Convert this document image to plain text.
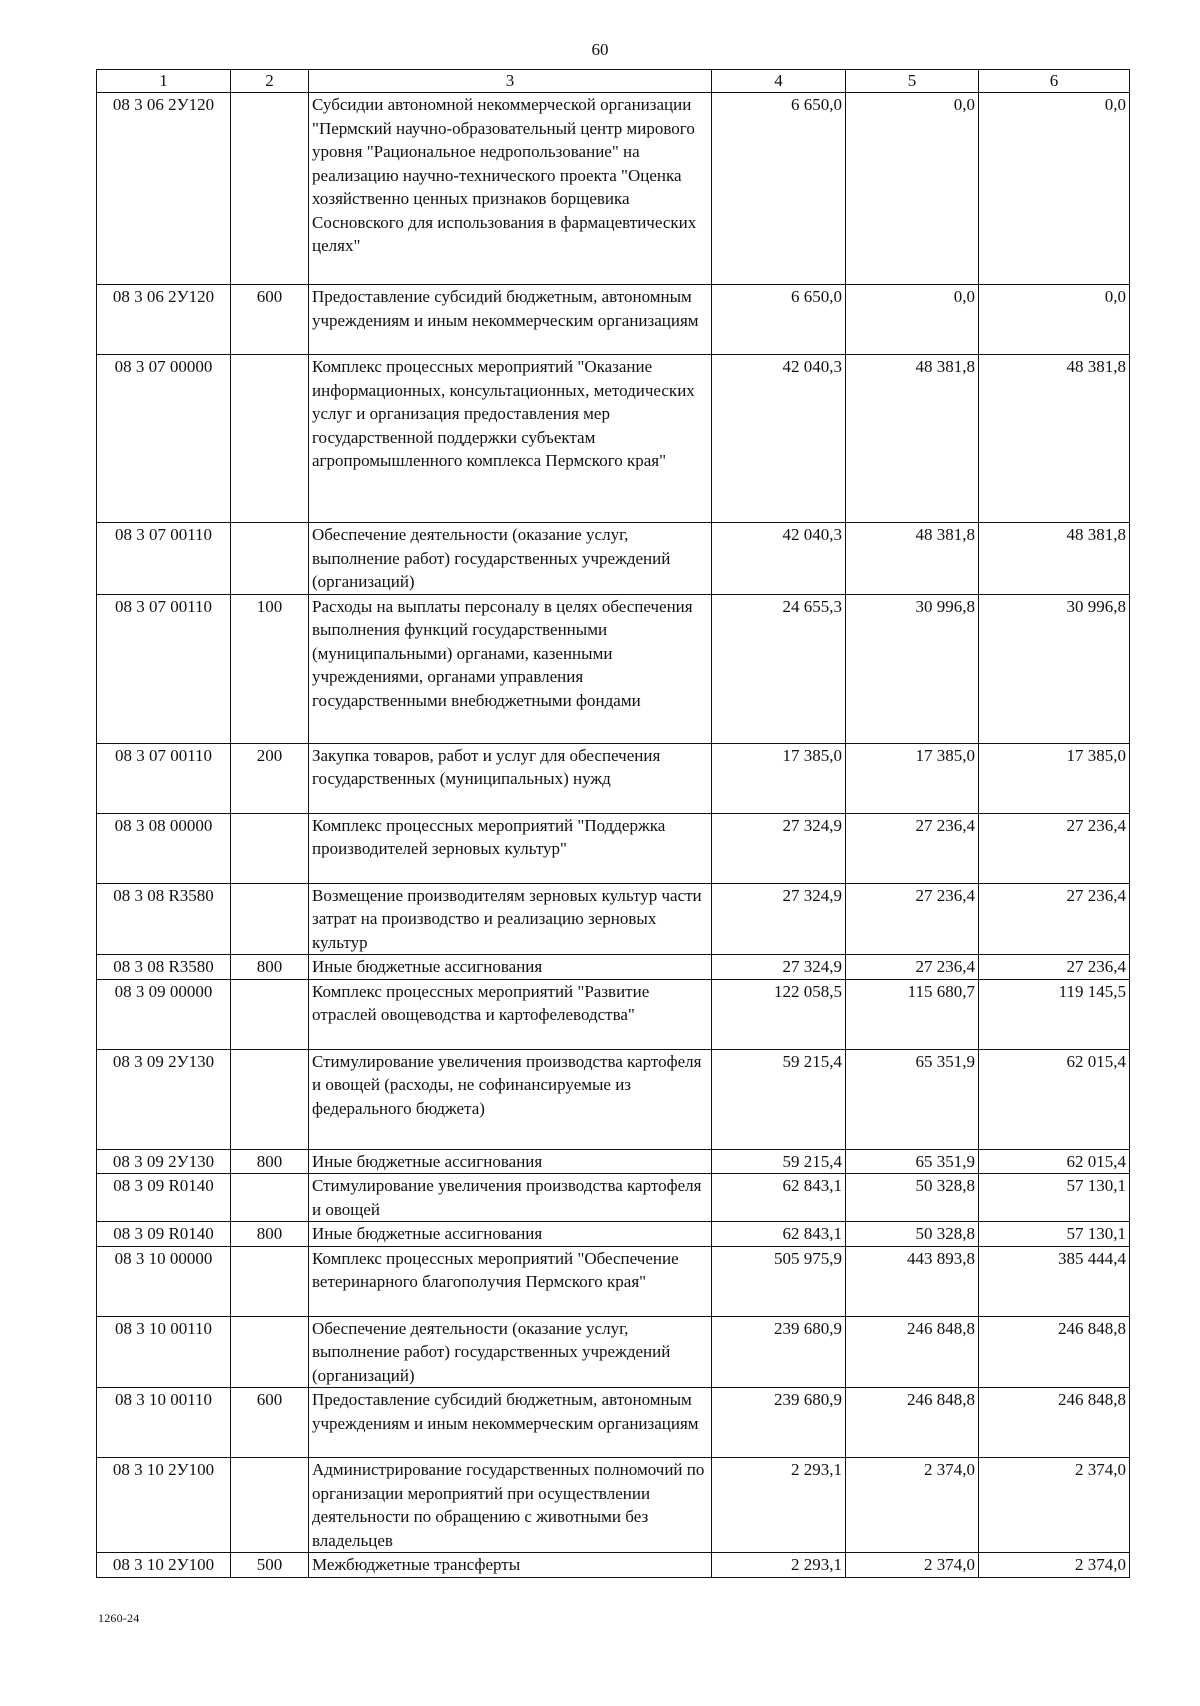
60
1	2	3	4	5	6
08 3 06 2У120		Субсидии автономной некоммерческой организации "Пермский научно-образовательный центр мирового уровня "Рациональное недропользование" на реализацию научно-технического проекта "Оценка хозяйственно ценных признаков борщевика Сосновского для использования в фармацевтических целях"	6 650,0	0,0	0,0
08 3 06 2У120	600	Предоставление субсидий бюджетным, автономным учреждениям и иным некоммерческим организациям	6 650,0	0,0	0,0
08 3 07 00000		Комплекс процессных мероприятий "Оказание информационных, консультационных, методических услуг и организация предоставления мер государственной поддержки субъектам агропромышленного комплекса Пермского края"	42 040,3	48 381,8	48 381,8
08 3 07 00110		Обеспечение деятельности (оказание услуг, выполнение работ) государственных учреждений (организаций)	42 040,3	48 381,8	48 381,8
08 3 07 00110	100	Расходы на выплаты персоналу в целях обеспечения выполнения функций государственными (муниципальными) органами, казенными учреждениями, органами управления государственными внебюджетными фондами	24 655,3	30 996,8	30 996,8
08 3 07 00110	200	Закупка товаров, работ и услуг для обеспечения государственных (муниципальных) нужд	17 385,0	17 385,0	17 385,0
08 3 08 00000		Комплекс процессных мероприятий "Поддержка производителей зерновых культур"	27 324,9	27 236,4	27 236,4
08 3 08 R3580		Возмещение производителям зерновых культур части затрат на производство и реализацию зерновых культур	27 324,9	27 236,4	27 236,4
08 3 08 R3580	800	Иные бюджетные ассигнования	27 324,9	27 236,4	27 236,4
08 3 09 00000		Комплекс процессных мероприятий "Развитие отраслей овощеводства и картофелеводства"	122 058,5	115 680,7	119 145,5
08 3 09 2У130		Стимулирование увеличения производства картофеля и овощей (расходы, не софинансируемые из федерального бюджета)	59 215,4	65 351,9	62 015,4
08 3 09 2У130	800	Иные бюджетные ассигнования	59 215,4	65 351,9	62 015,4
08 3 09 R0140		Стимулирование увеличения производства картофеля и овощей	62 843,1	50 328,8	57 130,1
08 3 09 R0140	800	Иные бюджетные ассигнования	62 843,1	50 328,8	57 130,1
08 3 10 00000		Комплекс процессных мероприятий "Обеспечение ветеринарного благополучия Пермского края"	505 975,9	443 893,8	385 444,4
08 3 10 00110		Обеспечение деятельности (оказание услуг, выполнение работ) государственных учреждений (организаций)	239 680,9	246 848,8	246 848,8
08 3 10 00110	600	Предоставление субсидий бюджетным, автономным учреждениям и иным некоммерческим организациям	239 680,9	246 848,8	246 848,8
08 3 10 2У100		Администрирование государственных полномочий по организации мероприятий при осуществлении деятельности по обращению с животными без владельцев	2 293,1	2 374,0	2 374,0
08 3 10 2У100	500	Межбюджетные трансферты	2 293,1	2 374,0	2 374,0
1260-24
